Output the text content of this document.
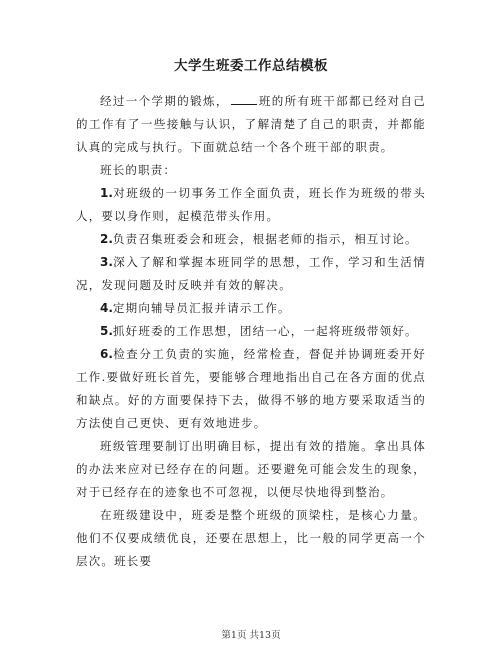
大学生班委工作总结模板

经过一个学期的锻炼，	班的所有班干部都已经对自己的工作有了一些接触与认识，了解清楚了自己的职责，并都能认真的完成与执行。下面就总结一个各个班干部的职责。

班长的职责：

1.对班级的一切事务工作全面负责，班长作为班级的带头人，要以身作则，起模范带头作用。

2.负责召集班委会和班会，根据老师的指示，相互讨论。

3.深入了解和掌握本班同学的思想，工作，学习和生活情况，发现问题及时反映并有效的解决。

4.定期向辅导员汇报并请示工作。

5.抓好班委的工作思想，团结一心，一起将班级带领好。

6.检查分工负责的实施，经常检查，督促并协调班委开好工作.要做好班长首先，要能够合理地指出自己在各方面的优点和缺点。好的方面要保持下去，做得不够的地方要采取适当的方法使自己更快、更有效地进步。

班级管理要制订出明确目标，提出有效的措施。拿出具体的办法来应对已经存在的问题。还要避免可能会发生的现象，对于已经存在的迹象也不可忽视，以便尽快地得到整治。

在班级建设中，班委是整个班级的顶梁柱，是核心力量。他们不仅要成绩优良，还要在思想上，比一般的同学更高一个层次。班长要

第1页 共13页
